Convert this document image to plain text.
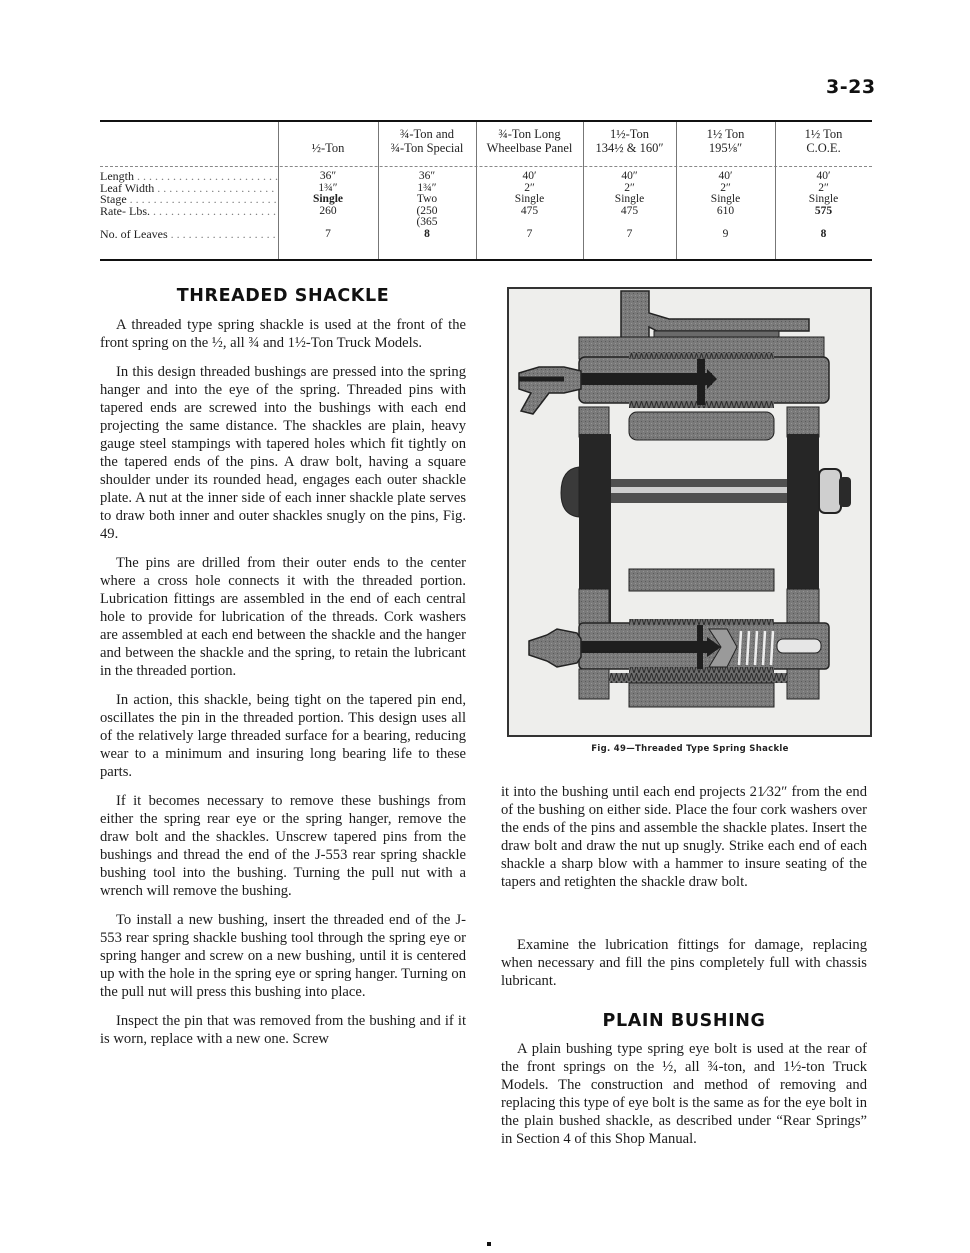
3-23
½-Ton
¾-Ton and
¾-Ton Special
¾-Ton Long
Wheelbase Panel
1½-Ton
134½ & 160″
1½ Ton
195⅛″
1½ Ton
C.O.E.
Length . . .
Leaf Width . . .
Stage . . .
Rate- Lbs. . . .
No. of Leaves . . .
36″
1¾″
Single
260
7
36″
1¾″
Two
(250
(365
8
40′
2″
Single
475
7
40″
2″
Single
475
7
40′
2″
Single
610
9
40′
2″
Single
575
8
THREADED SHACKLE

A threaded type spring shackle is used at the front of the front spring on the ½, all ¾ and 1½-Ton Truck Models.

In this design threaded bushings are pressed into the spring hanger and into the eye of the spring. Threaded pins with tapered ends are screwed into the bushings with each end projecting the same distance. The shackles are plain, heavy gauge steel stampings with tapered holes which fit tightly on the tapered ends of the pins. A draw bolt, having a square shoulder under its rounded head, engages each outer shackle plate. A nut at the inner side of each inner shackle plate serves to draw both inner and outer shackles snugly on the pins, Fig. 49.

The pins are drilled from their outer ends to the center where a cross hole connects it with the threaded portion. Lubrication fittings are assembled in the end of each central hole to provide for lubrication of the threads. Cork washers are assembled at each end between the shackle and the hanger and between the shackle and the spring, to retain the lubricant in the threaded portion.

In action, this shackle, being tight on the tapered pin end, oscillates the pin in the threaded portion. This design uses all of the relatively large threaded surface for a bearing, reducing wear to a minimum and insuring long bearing life to these parts.

If it becomes necessary to remove these bushings from either the spring rear eye or the spring hanger, remove the draw bolt and the shackles. Unscrew tapered pins from the bushings and thread the end of the J-553 rear spring shackle bushing tool into the bushing. Turning the pull nut with a wrench will remove the bushing.

To install a new bushing, insert the threaded end of the J-553 rear spring shackle bushing tool through the spring eye or spring hanger and screw on a new bushing, until it is centered up with the hole in the spring eye or spring hanger. Turning on the pull nut will press this bushing into place.

Inspect the pin that was removed from the bushing and if it is worn, replace with a new one. Screw

Fig. 49—Threaded Type Spring Shackle

it into the bushing until each end projects 21⁄32″ from the end of the bushing on either side. Place the four cork washers over the ends of the pins and assemble the shackle plates. Insert the draw bolt and draw the nut up snugly. Strike each end of each shackle a sharp blow with a hammer to insure seating of the tapers and retighten the shackle draw bolt.

Examine the lubrication fittings for damage, replacing when necessary and fill the pins completely full with chassis lubricant.

PLAIN BUSHING

A plain bushing type spring eye bolt is used at the rear of the front springs on the ½, all ¾-ton, and 1½-ton Truck Models. The construction and method of removing and replacing this type of eye bolt is the same as for the eye bolt in the plain bushed shackle, as described under “Rear Springs” in Section 4 of this Shop Manual.
